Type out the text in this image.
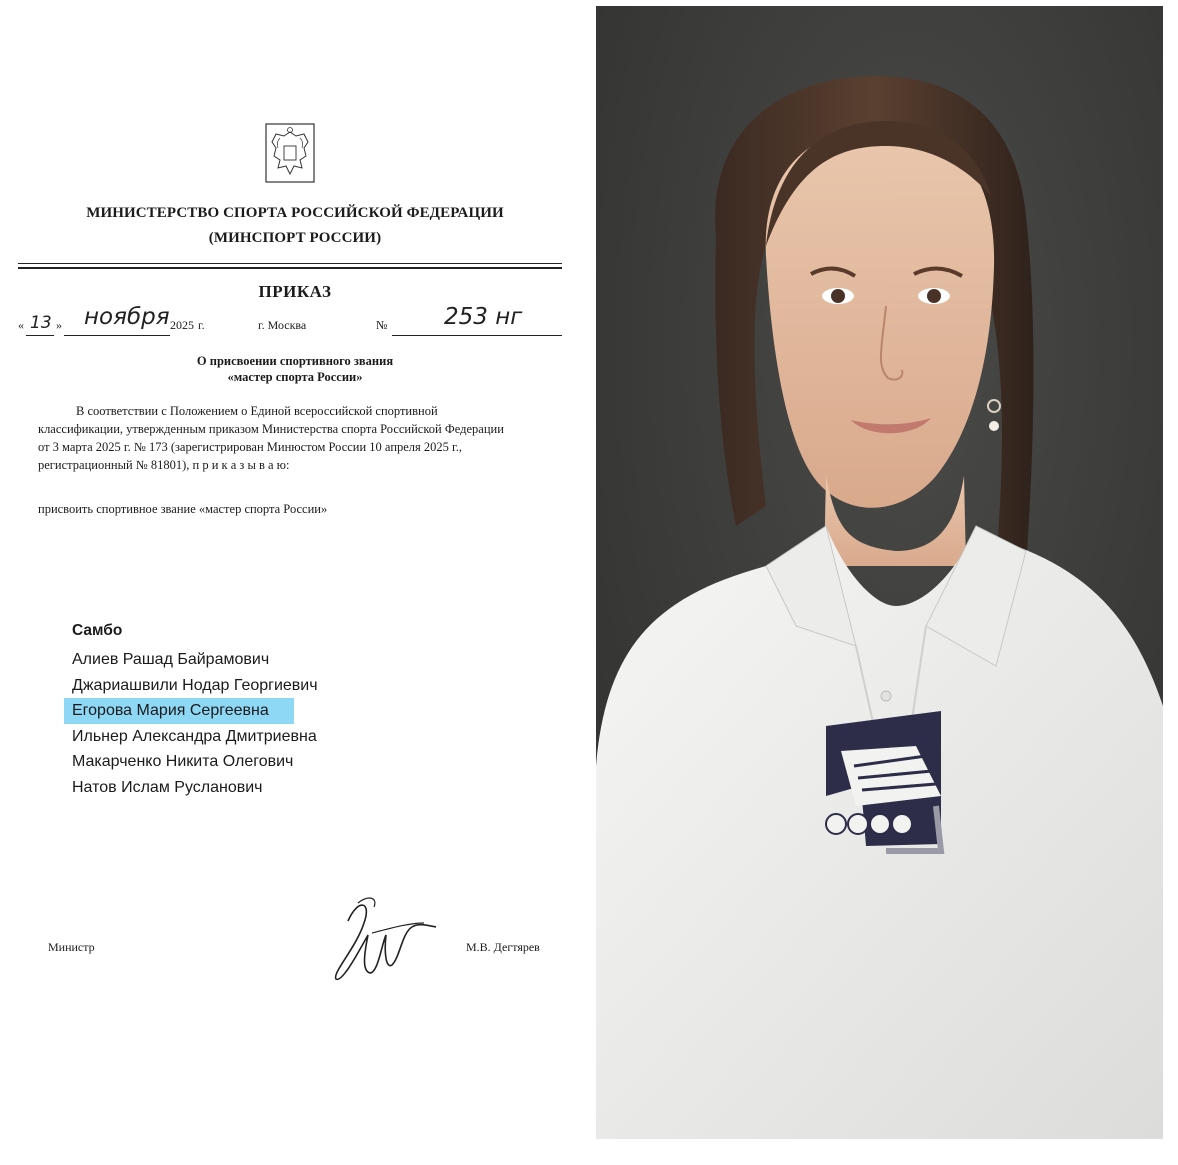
МИНИСТЕРСТВО СПОРТА РОССИЙСКОЙ ФЕДЕРАЦИИ
(МИНСПОРТ РОССИИ)
ПРИКАЗ
« 13 » ноября 2025 г.	г. Москва	№ 253 нг
О присвоении спортивного звания
«мастер спорта России»
В соответствии с Положением о Единой всероссийской спортивной
классификации, утвержденным приказом Министерства спорта Российской Федерации
от 3 марта 2025 г. № 173 (зарегистрирован Минюстом России 10 апреля 2025 г.,
регистрационный № 81801), п р и к а з ы в а ю:
присвоить спортивное звание «мастер спорта России»
Самбо
Алиев Рашад Байрамович
Джариашвили Нодар Георгиевич
Егорова Мария Сергеевна
Ильнер Александра Дмитриевна
Макарченко Никита Олегович
Натов Ислам Русланович
Министр	М.В. Дегтярев
